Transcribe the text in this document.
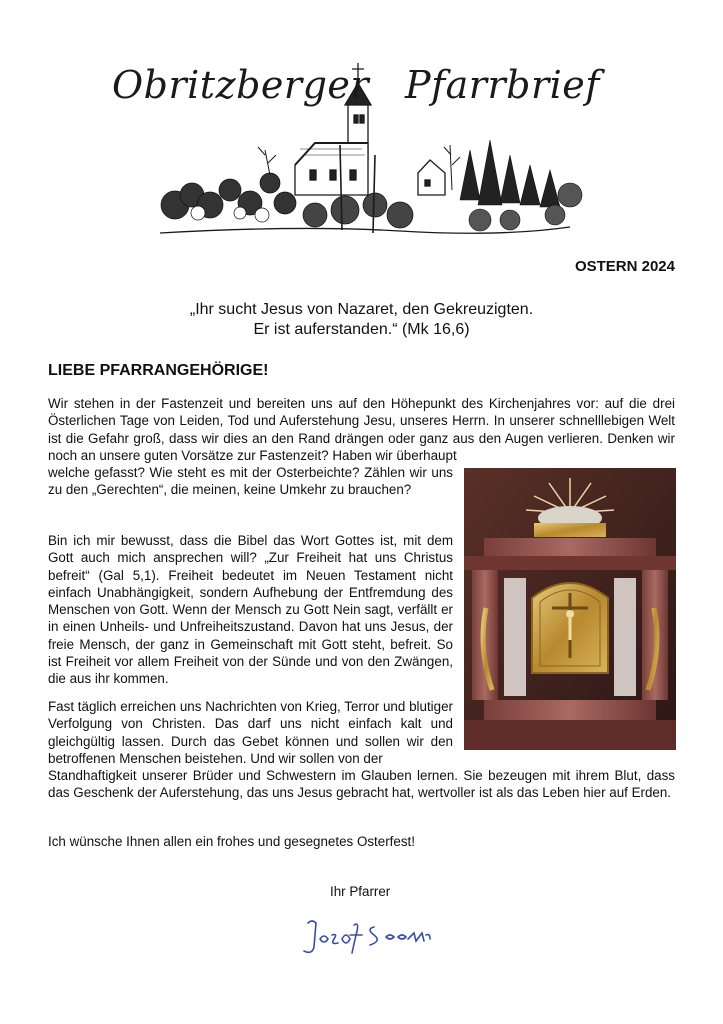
Obritzberger Pfarrbrief
OSTERN 2024
„Ihr sucht Jesus von Nazaret, den Gekreuzigten.
Er ist auferstanden.“ (Mk 16,6)
LIEBE PFARRANGEHÖRIGE!

Wir stehen in der Fastenzeit und bereiten uns auf den Höhepunkt des Kirchenjahres vor: auf die drei Österlichen Tage von Leiden, Tod und Auferstehung Jesu, unseres Herrn. In unserer schnelllebigen Welt ist die Gefahr groß, dass wir dies an den Rand drängen oder ganz aus den Augen verlieren. Denken wir noch an unsere guten Vorsätze zur Fastenzeit? Haben wir überhaupt

welche gefasst? Wie steht es mit der Osterbeichte? Zählen wir uns zu den „Gerechten“, die meinen, keine Umkehr zu brauchen?

Bin ich mir bewusst, dass die Bibel das Wort Gottes ist, mit dem Gott auch mich ansprechen will? „Zur Freiheit hat uns Christus befreit“ (Gal 5,1). Freiheit bedeutet im Neuen Testament nicht einfach Unabhängigkeit, sondern Aufhebung der Entfremdung des Menschen von Gott. Wenn der Mensch zu Gott Nein sagt, verfällt er in einen Unheils- und Unfreiheitszustand. Davon hat uns Jesus, der freie Mensch, der ganz in Gemeinschaft mit Gott steht, befreit. So ist Freiheit vor allem Freiheit von der Sünde und von den Zwängen, die aus ihr kommen.

Fast täglich erreichen uns Nachrichten von Krieg, Terror und blutiger Verfolgung von Christen. Das darf uns nicht einfach kalt und gleichgültig lassen. Durch das Gebet können und sollen wir den betroffenen Menschen beistehen. Und wir sollen von der

Standhaftigkeit unserer Brüder und Schwestern im Glauben lernen. Sie bezeugen mit ihrem Blut, dass das Geschenk der Auferstehung, das uns Jesus gebracht hat, wertvoller ist als das Leben hier auf Erden.

Ich wünsche Ihnen allen ein frohes und gesegnetes Osterfest!

Ihr Pfarrer
